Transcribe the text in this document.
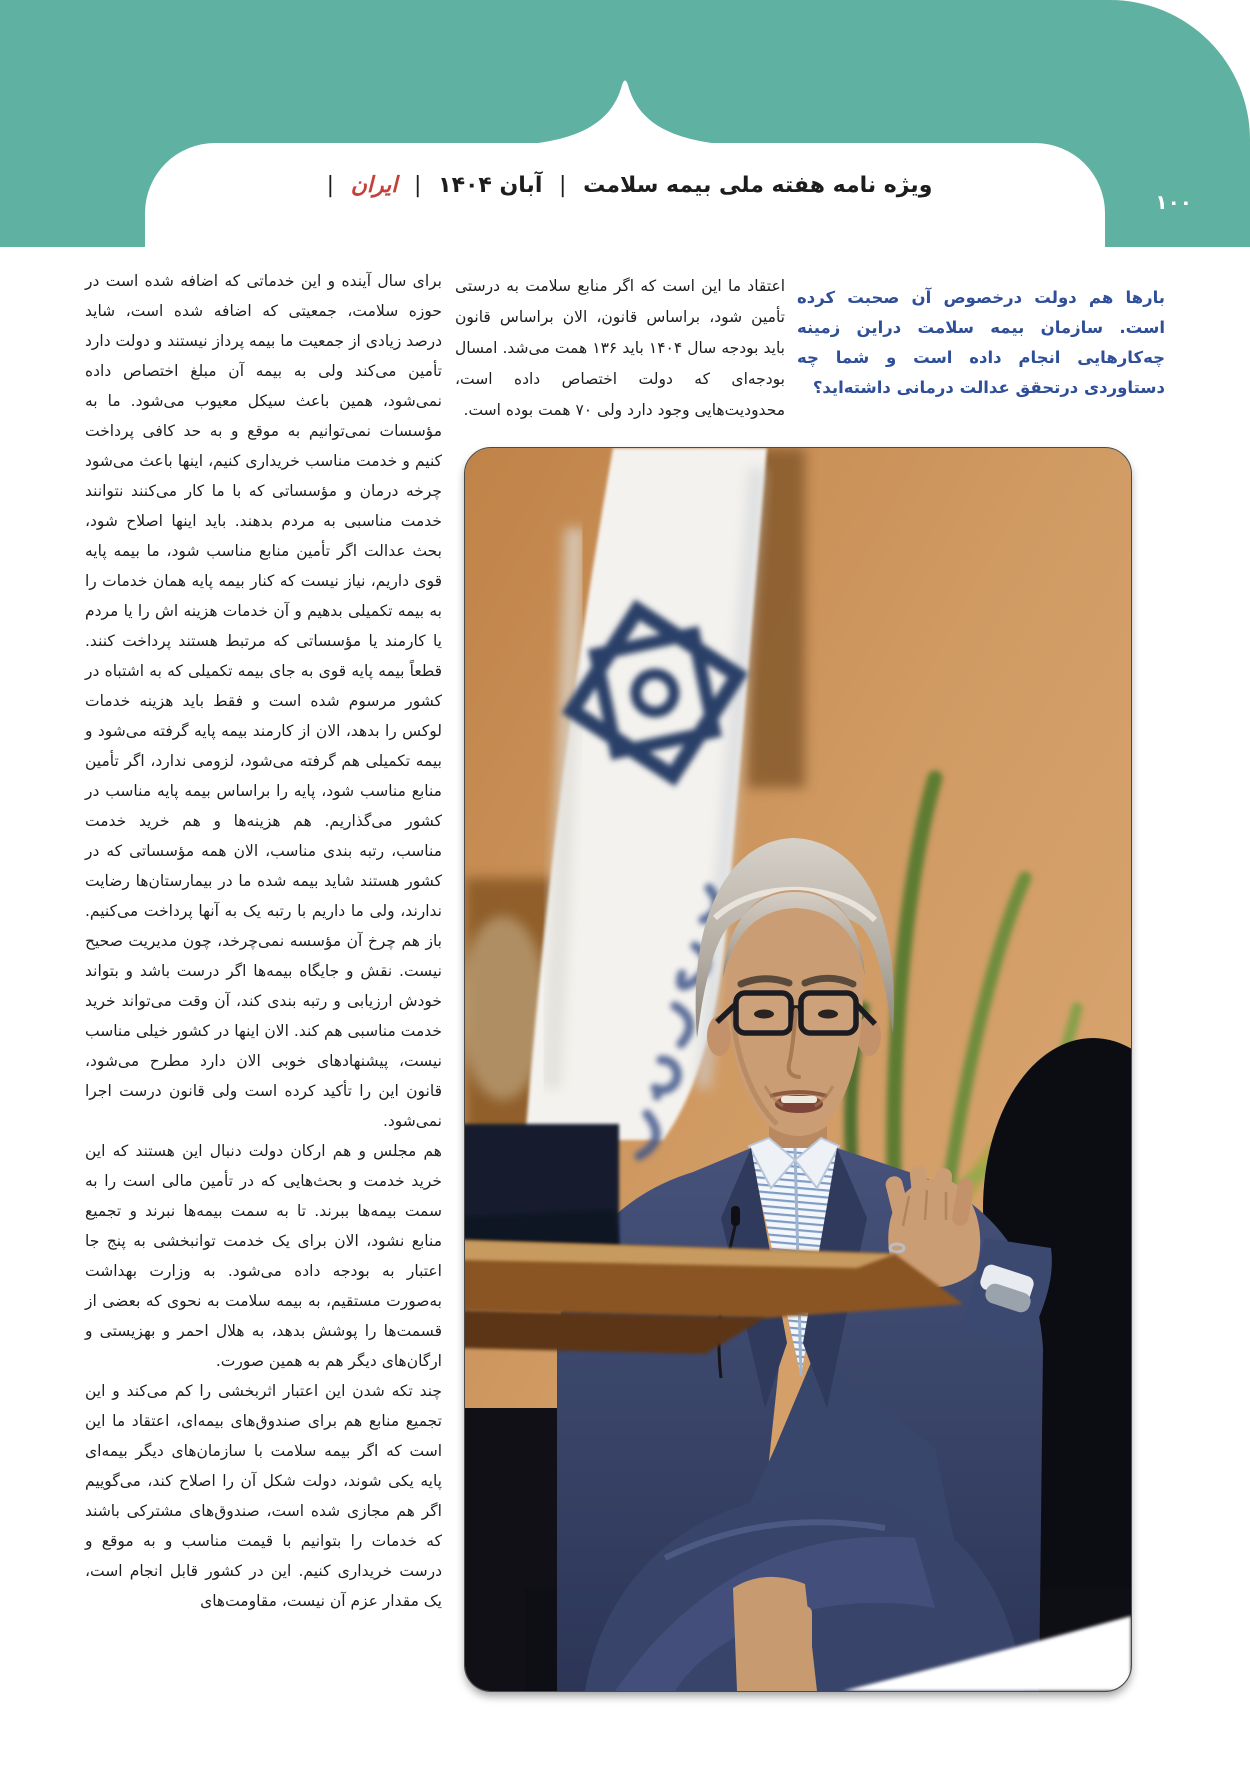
ویژه نامه هفته ملی بیمه سلامت | آبان ۱۴۰۴ | ایران |
۱۰۰
بارها هم دولت درخصوص آن صحبت کرده است. سازمان بیمه سلامت دراین زمینه چه‌کارهایی انجام داده است و شما چه دستاوردی درتحقق عدالت درمانی داشته‌اید؟
اعتقاد ما این است که اگر منابع سلامت به درستی تأمین شود، براساس قانون، الان براساس قانون باید بودجه سال ۱۴۰۴ باید ۱۳۶ همت می‌شد. امسال بودجه‌ای که دولت اختصاص داده است، محدودیت‌هایی وجود دارد ولی ۷۰ همت بوده است.

برای سال آینده و این خدماتی که اضافه شده است در حوزه سلامت، جمعیتی که اضافه شده است، شاید درصد زیادی از جمعیت ما بیمه پرداز نیستند و دولت دارد تأمین می‌کند ولی به بیمه آن مبلغ اختصاص داده نمی‌شود، همین باعث سیکل معیوب می‌شود. ما به مؤسسات نمی‌توانیم به موقع و به حد کافی پرداخت کنیم و خدمت مناسب خریداری کنیم، اینها باعث می‌شود چرخه درمان و مؤسساتی که با ما کار می‌کنند نتوانند خدمت مناسبی به مردم بدهند. باید اینها اصلاح شود، بحث عدالت اگر تأمین منابع مناسب شود، ما بیمه پایه قوی داریم، نیاز نیست که کنار بیمه پایه همان خدمات را به بیمه تکمیلی بدهیم و آن خدمات هزینه اش را یا مردم یا کارمند یا مؤسساتی که مرتبط هستند پرداخت کنند. قطعاً بیمه پایه قوی به جای بیمه تکمیلی که به اشتباه در کشور مرسوم شده است و فقط باید هزینه خدمات لوکس را بدهد، الان از کارمند بیمه پایه گرفته می‌شود و بیمه تکمیلی هم گرفته می‌شود، لزومی ندارد، اگر تأمین منابع مناسب شود، پایه را براساس بیمه پایه مناسب در کشور می‌گذاریم. هم هزینه‌ها و هم خرید خدمت مناسب، رتبه بندی مناسب، الان همه مؤسساتی که در کشور هستند شاید بیمه شده ما در بیمارستان‌ها رضایت ندارند، ولی ما داریم با رتبه یک به آنها پرداخت می‌کنیم. باز هم چرخ آن مؤسسه نمی‌چرخد، چون مدیریت صحیح نیست. نقش و جایگاه بیمه‌ها اگر درست باشد و بتواند خودش ارزیابی و رتبه بندی کند، آن وقت می‌تواند خرید خدمت مناسبی هم کند. الان اینها در کشور خیلی مناسب نیست، پیشنهادهای خوبی الان دارد مطرح می‌شود، قانون این را تأکید کرده است ولی قانون درست اجرا نمی‌شود.

هم مجلس و هم ارکان دولت دنبال این هستند که این خرید خدمت و بحث‌هایی که در تأمین مالی است را به سمت بیمه‌ها ببرند. تا به سمت بیمه‌ها نبرند و تجمیع منابع نشود، الان برای یک خدمت توانبخشی به پنج جا اعتبار به بودجه داده می‌شود. به وزارت بهداشت به‌صورت مستقیم، به بیمه سلامت به نحوی که بعضی از قسمت‌ها را پوشش بدهد، به هلال احمر و بهزیستی و ارگان‌های دیگر هم به همین صورت.

چند تکه شدن این اعتبار اثربخشی را کم می‌کند و این تجمیع منابع هم برای صندوق‌های بیمه‌ای، اعتقاد ما این است که اگر بیمه سلامت با سازمان‌های دیگر بیمه‌ای پایه یکی شوند، دولت شکل آن را اصلاح کند، می‌گوییم اگر هم مجازی شده است، صندوق‌های مشترکی باشند که خدمات را بتوانیم با قیمت مناسب و به موقع و درست خریداری کنیم. این در کشور قابل انجام است، یک مقدار عزم آن نیست، مقاومت‌های
